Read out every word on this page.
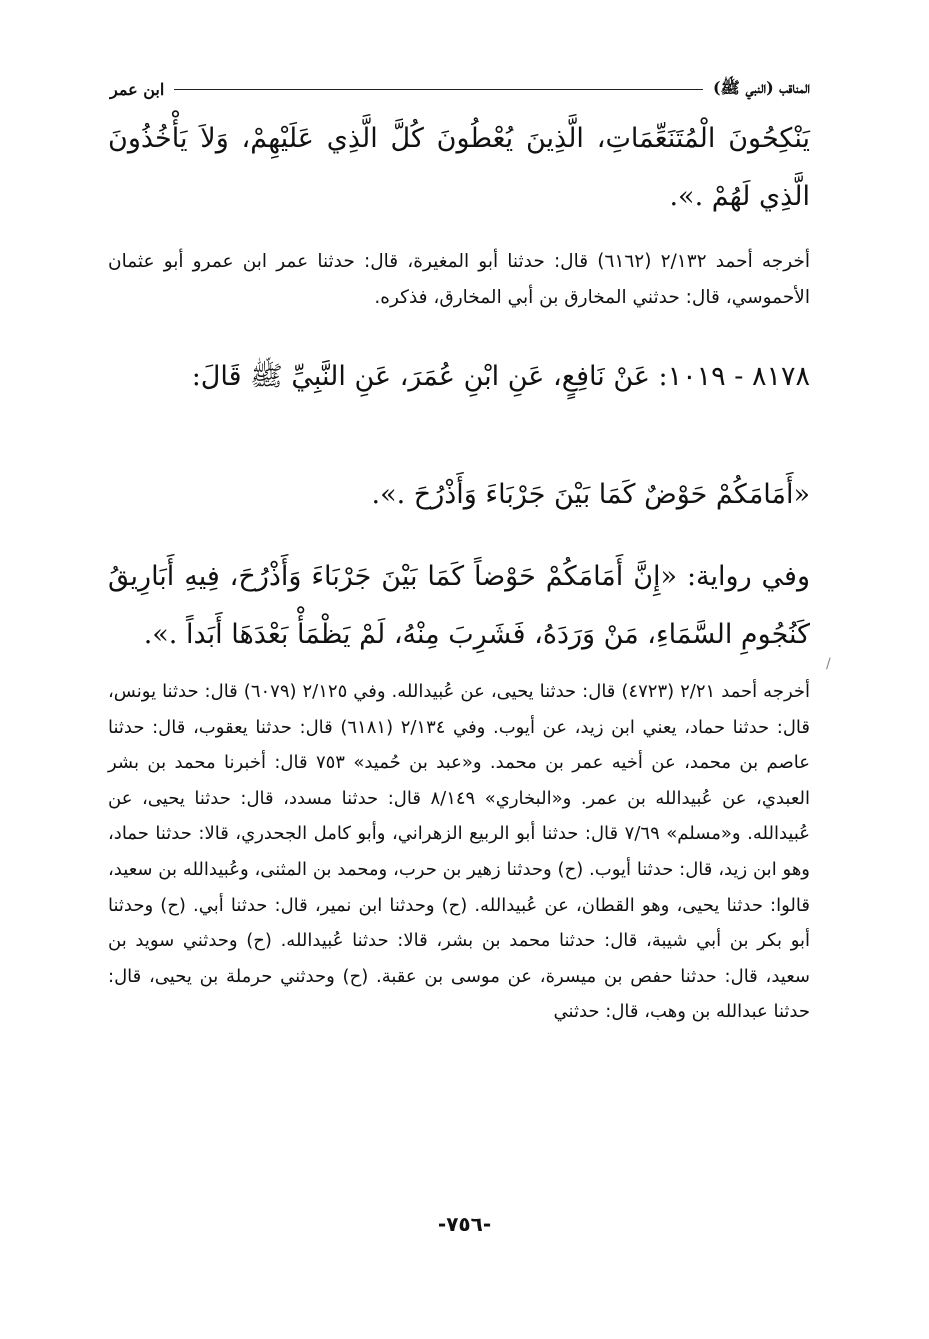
المناقب (النبي ﷺ)
ابن عمر
يَنْكِحُونَ الْمُتَنَعِّمَاتِ، الَّذِينَ يُعْطُونَ كُلَّ الَّذِي عَلَيْهِمْ، وَلاَ يَأْخُذُونَ الَّذِي لَهُمْ .».
أخرجه أحمد ٢/١٣٢ (٦١٦٢) قال: حدثنا أبو المغيرة، قال: حدثنا عمر ابن عمرو أبو عثمان الأحموسي، قال: حدثني المخارق بن أبي المخارق، فذكره.
٨١٧٨ - ١٠١٩: عَنْ نَافِعٍ، عَنِ ابْنِ عُمَرَ، عَنِ النَّبِيِّ ﷺ قَالَ:
«أَمَامَكُمْ حَوْضٌ كَمَا بَيْنَ جَرْبَاءَ وَأَذْرُحَ .».
وفي رواية: «إِنَّ أَمَامَكُمْ حَوْضاً كَمَا بَيْنَ جَرْبَاءَ وَأَذْرُحَ، فِيهِ أَبَارِيقُ كَنُجُومِ السَّمَاءِ، مَنْ وَرَدَهُ، فَشَرِبَ مِنْهُ، لَمْ يَظْمَأْ بَعْدَهَا أَبَداً .».
/
أخرجه أحمد ٢/٢١ (٤٧٢٣) قال: حدثنا يحيى، عن عُبيدالله. وفي ٢/١٢٥ (٦٠٧٩) قال: حدثنا يونس، قال: حدثنا حماد، يعني ابن زيد، عن أيوب. وفي ٢/١٣٤ (٦١٨١) قال: حدثنا يعقوب، قال: حدثنا عاصم بن محمد، عن أخيه عمر بن محمد. و«عبد بن حُميد» ٧٥٣ قال: أخبرنا محمد بن بشر العبدي، عن عُبيدالله بن عمر. و«البخاري» ٨/١٤٩ قال: حدثنا مسدد، قال: حدثنا يحيى، عن عُبيدالله. و«مسلم» ٧/٦٩ قال: حدثنا أبو الربيع الزهراني، وأبو كامل الجحدري، قالا: حدثنا حماد، وهو ابن زيد، قال: حدثنا أيوب. (ح) وحدثنا زهير بن حرب، ومحمد بن المثنى، وعُبيدالله بن سعيد، قالوا: حدثنا يحيى، وهو القطان، عن عُبيدالله. (ح) وحدثنا ابن نمير، قال: حدثنا أبي. (ح) وحدثنا أبو بكر بن أبي شيبة، قال: حدثنا محمد بن بشر، قالا: حدثنا عُبيدالله. (ح) وحدثني سويد بن سعيد، قال: حدثنا حفص بن ميسرة، عن موسى بن عقبة. (ح) وحدثني حرملة بن يحيى، قال: حدثنا عبدالله بن وهب، قال: حدثني
-٧٥٦-
